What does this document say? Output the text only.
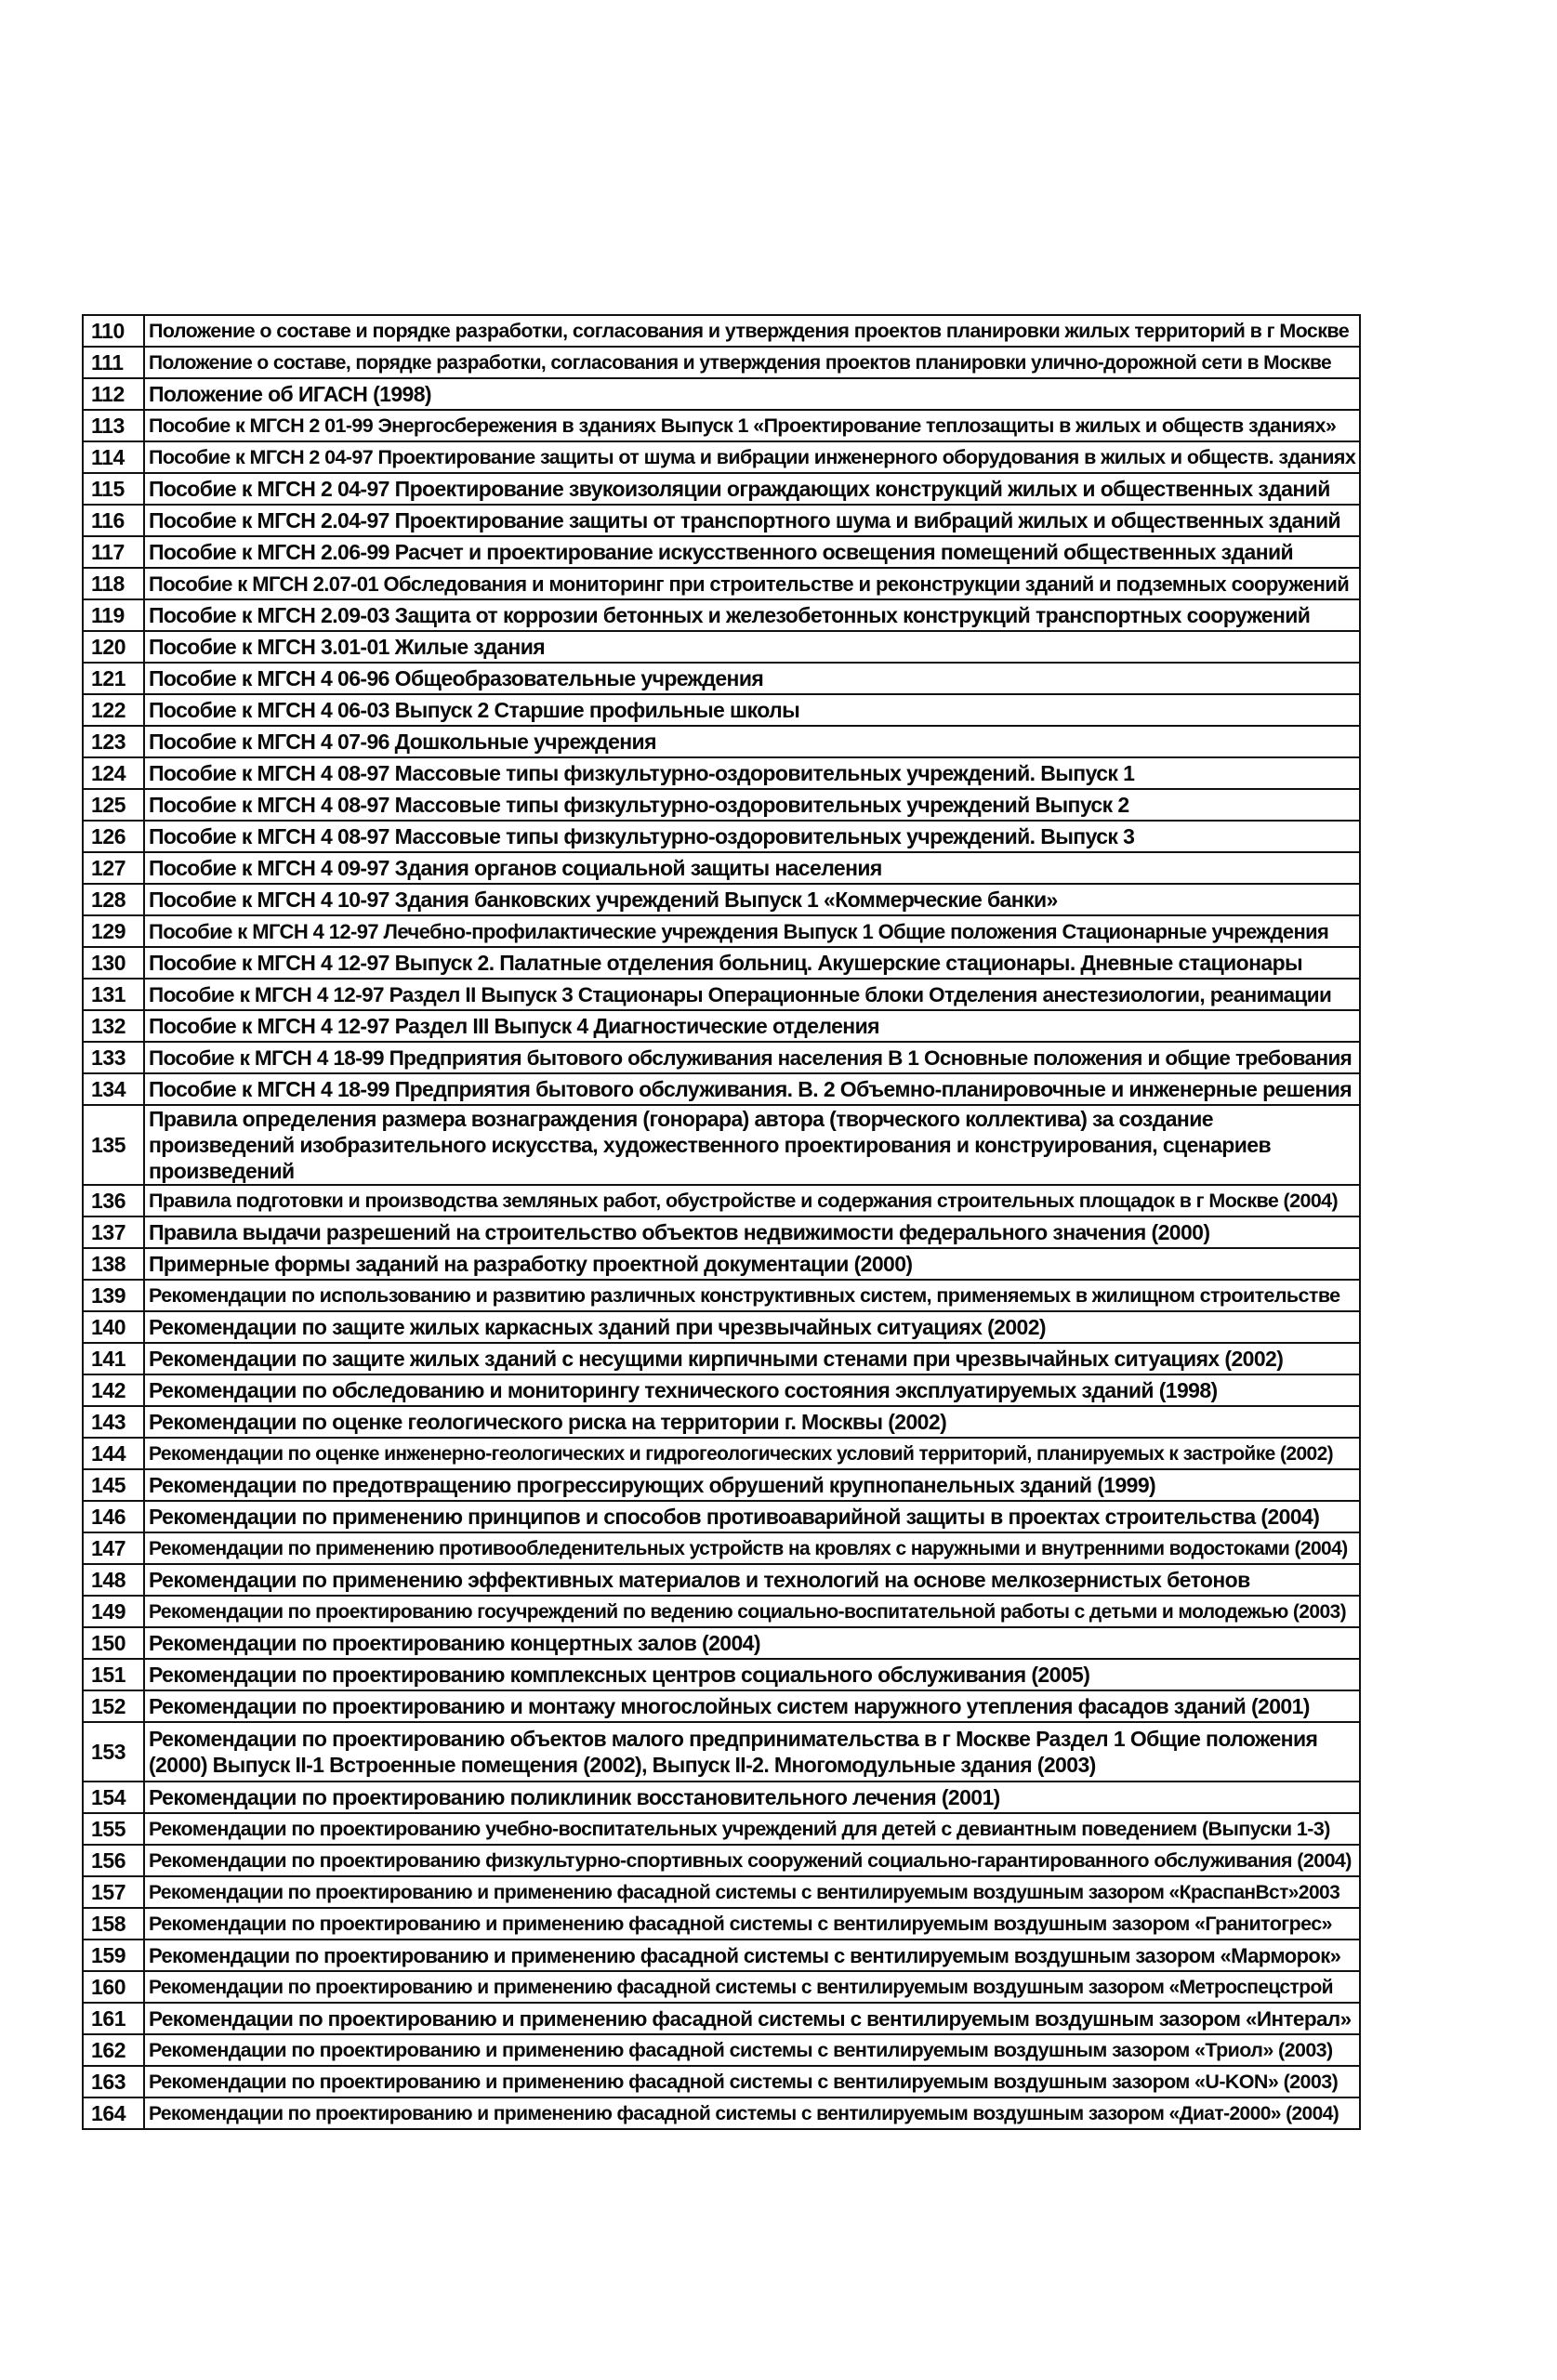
110	Положение о составе и порядке разработки, согласования и утверждения проектов планировки жилых территорий в г Москве
111	Положение о составе, порядке разработки, согласования и утверждения проектов планировки улично-дорожной сети в Москве
112	Положение об ИГАСН (1998)
113	Пособие к МГСН 2 01-99 Энергосбережения в зданиях Выпуск 1 «Проектирование теплозащиты в жилых и обществ зданиях»
114	Пособие к МГСН 2 04-97 Проектирование защиты от шума и вибрации инженерного оборудования в жилых и обществ. зданиях
115	Пособие к МГСН 2 04-97 Проектирование звукоизоляции ограждающих конструкций жилых и общественных зданий
116	Пособие к МГСН 2.04-97 Проектирование защиты от транспортного шума и вибраций жилых и общественных зданий
117	Пособие к МГСН 2.06-99 Расчет и проектирование искусственного освещения помещений общественных зданий
118	Пособие к МГСН 2.07-01 Обследования и мониторинг при строительстве и реконструкции зданий и подземных сооружений
119	Пособие к МГСН 2.09-03 Защита от коррозии бетонных и железобетонных конструкций транспортных сооружений
120	Пособие к МГСН 3.01-01 Жилые здания
121	Пособие к МГСН 4 06-96 Общеобразовательные учреждения
122	Пособие к МГСН 4 06-03 Выпуск 2 Старшие профильные школы
123	Пособие к МГСН 4 07-96 Дошкольные учреждения
124	Пособие к МГСН 4 08-97 Массовые типы физкультурно-оздоровительных учреждений. Выпуск 1
125	Пособие к МГСН 4 08-97 Массовые типы физкультурно-оздоровительных учреждений Выпуск 2
126	Пособие к МГСН 4 08-97 Массовые типы физкультурно-оздоровительных учреждений. Выпуск 3
127	Пособие к МГСН 4 09-97 Здания органов социальной защиты населения
128	Пособие к МГСН 4 10-97 Здания банковских учреждений Выпуск 1 «Коммерческие банки»
129	Пособие к МГСН 4 12-97 Лечебно-профилактические учреждения Выпуск 1 Общие положения Стационарные учреждения
130	Пособие к МГСН 4 12-97 Выпуск 2. Палатные отделения больниц. Акушерские стационары. Дневные стационары
131	Пособие к МГСН 4 12-97 Раздел II Выпуск 3 Стационары Операционные блоки Отделения анестезиологии, реанимации
132	Пособие к МГСН 4 12-97 Раздел III Выпуск 4 Диагностические отделения
133	Пособие к МГСН 4 18-99 Предприятия бытового обслуживания населения В 1 Основные положения и общие требования
134	Пособие к МГСН 4 18-99 Предприятия бытового обслуживания. В. 2 Объемно-планировочные и инженерные решения
135	Правила определения размера вознаграждения (гонорара) автора (творческого коллектива) за создание произведений изобразительного искусства, художественного проектирования и конструирования, сценариев произведений
136	Правила подготовки и производства земляных работ, обустройстве и содержания строительных площадок в г Москве (2004)
137	Правила выдачи разрешений на строительство объектов недвижимости федерального значения (2000)
138	Примерные формы заданий на разработку проектной документации (2000)
139	Рекомендации по использованию и развитию различных конструктивных систем, применяемых в жилищном строительстве
140	Рекомендации по защите жилых каркасных зданий при чрезвычайных ситуациях (2002)
141	Рекомендации по защите жилых зданий с несущими кирпичными стенами при чрезвычайных ситуациях (2002)
142	Рекомендации по обследованию и мониторингу технического состояния эксплуатируемых зданий (1998)
143	Рекомендации по оценке геологического риска на территории г. Москвы (2002)
144	Рекомендации по оценке инженерно-геологических и гидрогеологических условий территорий, планируемых к застройке (2002)
145	Рекомендации по предотвращению прогрессирующих обрушений крупнопанельных зданий (1999)
146	Рекомендации по применению принципов и способов противоаварийной защиты в проектах строительства (2004)
147	Рекомендации по применению противообледенительных устройств на кровлях с наружными и внутренними водостоками (2004)
148	Рекомендации по применению эффективных материалов и технологий на основе мелкозернистых бетонов
149	Рекомендации по проектированию госучреждений по ведению социально-воспитательной работы с детьми и молодежью (2003)
150	Рекомендации по проектированию концертных залов (2004)
151	Рекомендации по проектированию комплексных центров социального обслуживания (2005)
152	Рекомендации по проектированию и монтажу многослойных систем наружного утепления фасадов зданий (2001)
153	Рекомендации по проектированию объектов малого предпринимательства в г Москве Раздел 1 Общие положения (2000) Выпуск II-1 Встроенные помещения (2002), Выпуск II-2. Многомодульные здания (2003)
154	Рекомендации по проектированию поликлиник восстановительного лечения (2001)
155	Рекомендации по проектированию учебно-воспитательных учреждений для детей с девиантным поведением (Выпуски 1-3)
156	Рекомендации по проектированию физкультурно-спортивных сооружений социально-гарантированного обслуживания (2004)
157	Рекомендации по проектированию и применению фасадной системы с вентилируемым воздушным зазором «КраспанВст»2003
158	Рекомендации по проектированию и применению фасадной системы с вентилируемым воздушным зазором «Гранитогрес»
159	Рекомендации по проектированию и применению фасадной системы с вентилируемым воздушным зазором «Марморок»
160	Рекомендации по проектированию и применению фасадной системы с вентилируемым воздушным зазором «Метроспецстрой
161	Рекомендации по проектированию и применению фасадной системы с вентилируемым воздушным зазором «Интерал»
162	Рекомендации по проектированию и применению фасадной системы с вентилируемым воздушным зазором «Триол» (2003)
163	Рекомендации по проектированию и применению фасадной системы с вентилируемым воздушным зазором «U-KON» (2003)
164	Рекомендации по проектированию и применению фасадной системы с вентилируемым воздушным зазором «Диат-2000» (2004)
